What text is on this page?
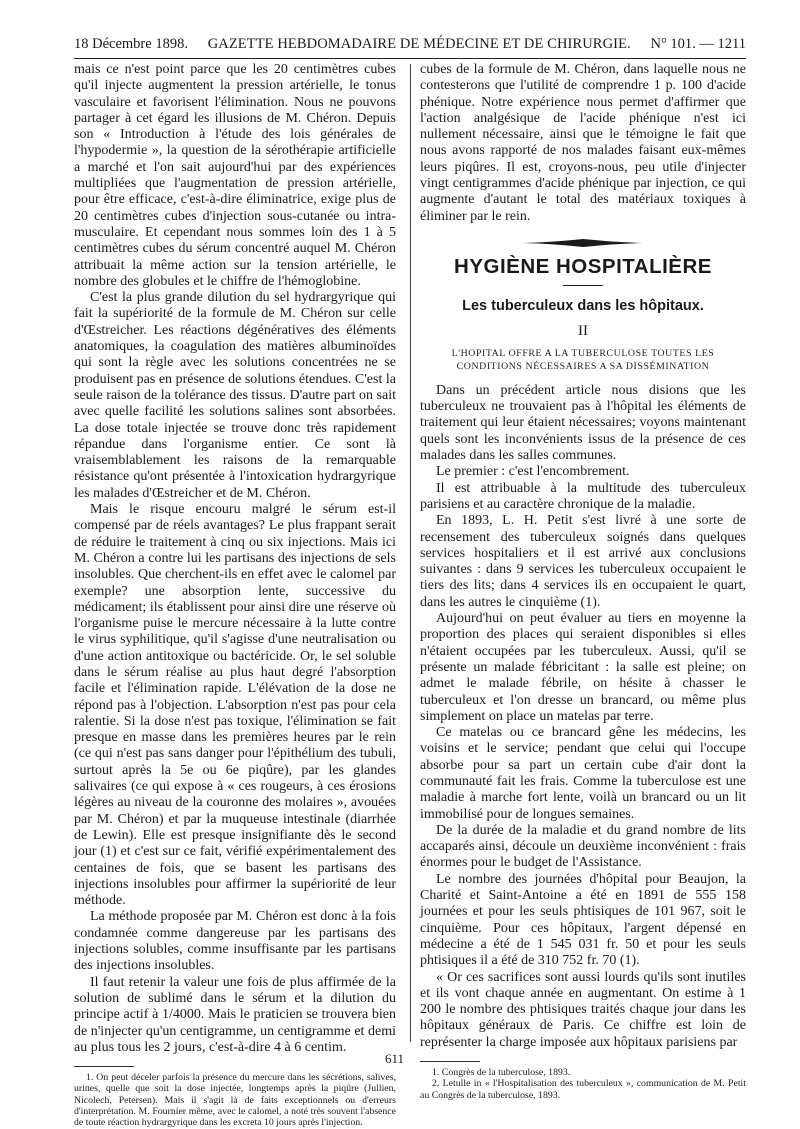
18 Décembre 1898. GAZETTE HEBDOMADAIRE DE MÉDECINE ET DE CHIRURGIE. N° 101. — 1211

mais ce n'est point parce que les 20 centimètres cubes qu'il injecte augmentent la pression artérielle, le tonus vasculaire et favorisent l'élimination. Nous ne pouvons partager à cet égard les illusions de M. Chéron. Depuis son « Introduction à l'étude des lois générales de l'hypodermie », la question de la sérothérapie artificielle a marché et l'on sait aujourd'hui par des expériences multipliées que l'augmentation de pression artérielle, pour être efficace, c'est-à-dire éliminatrice, exige plus de 20 centimètres cubes d'injection sous-cutanée ou intra-musculaire. Et cependant nous sommes loin des 1 à 5 centimètres cubes du sérum concentré auquel M. Chéron attribuait la même action sur la tension artérielle, le nombre des globules et le chiffre de l'hémoglobine.

C'est la plus grande dilution du sel hydrargyrique qui fait la supériorité de la formule de M. Chéron sur celle d'Œstreicher. Les réactions dégénératives des éléments anatomiques, la coagulation des matières albuminoïdes qui sont la règle avec les solutions concentrées ne se produisent pas en présence de solutions étendues. C'est la seule raison de la tolérance des tissus. D'autre part on sait avec quelle facilité les solutions salines sont absorbées. La dose totale injectée se trouve donc très rapidement répandue dans l'organisme entier. Ce sont là vraisemblablement les raisons de la remarquable résistance qu'ont présentée à l'intoxication hydrargyrique les malades d'Œstreicher et de M. Chéron.

Mais le risque encouru malgré le sérum est-il compensé par de réels avantages? Le plus frappant serait de réduire le traitement à cinq ou six injections. Mais ici M. Chéron a contre lui les partisans des injections de sels insolubles. Que cherchent-ils en effet avec le calomel par exemple? une absorption lente, successive du médicament; ils établissent pour ainsi dire une réserve où l'organisme puise le mercure nécessaire à la lutte contre le virus syphilitique, qu'il s'agisse d'une neutralisation ou d'une action antitoxique ou bactéricide. Or, le sel soluble dans le sérum réalise au plus haut degré l'absorption facile et l'élimination rapide. L'élévation de la dose ne répond pas à l'objection. L'absorption n'est pas pour cela ralentie. Si la dose n'est pas toxique, l'élimination se fait presque en masse dans les premières heures par le rein (ce qui n'est pas sans danger pour l'épithélium des tubuli, surtout après la 5e ou 6e piqûre), par les glandes salivaires (ce qui expose à « ces rougeurs, à ces érosions légères au niveau de la couronne des molaires », avouées par M. Chéron) et par la muqueuse intestinale (diarrhée de Lewin). Elle est presque insignifiante dès le second jour (1) et c'est sur ce fait, vérifié expérimentalement des centaines de fois, que se basent les partisans des injections insolubles pour affirmer la supériorité de leur méthode.

La méthode proposée par M. Chéron est donc à la fois condamnée comme dangereuse par les partisans des injections solubles, comme insuffisante par les partisans des injections insolubles.

Il faut retenir la valeur une fois de plus affirmée de la solution de sublimé dans le sérum et la dilution du principe actif à 1/4000. Mais le praticien se trouvera bien de n'injecter qu'un centigramme, un centigramme et demi au plus tous les 2 jours, c'est-à-dire 4 à 6 centim.

1. On peut déceler parfois la présence du mercure dans les sécrétions, salives, urines, quelle que soit la dose injectée, longtemps après la piqûre (Jullien, Nicolech, Petersen). Mais il s'agit là de faits exceptionnels ou d'erreurs d'interprétation. M. Fournier même, avec le calomel, a noté très souvent l'absence de toute réaction hydrargyrique dans les excreta 10 jours après l'injection.

cubes de la formule de M. Chéron, dans laquelle nous ne contesterons que l'utilité de comprendre 1 p. 100 d'acide phénique. Notre expérience nous permet d'affirmer que l'action analgésique de l'acide phénique n'est ici nullement nécessaire, ainsi que le témoigne le fait que nous avons rapporté de nos malades faisant eux-mêmes leurs piqûres. Il est, croyons-nous, peu utile d'injecter vingt centigrammes d'acide phénique par injection, ce qui augmente d'autant le total des matériaux toxiques à éliminer par le rein.

HYGIÈNE HOSPITALIÈRE
Les tuberculeux dans les hôpitaux.
II
L'HOPITAL OFFRE A LA TUBERCULOSE TOUTES LES CONDITIONS NÉCESSAIRES A SA DISSÉMINATION

Dans un précédent article nous disions que les tuberculeux ne trouvaient pas à l'hôpital les éléments de traitement qui leur étaient nécessaires; voyons maintenant quels sont les inconvénients issus de la présence de ces malades dans les salles communes.

Le premier : c'est l'encombrement.

Il est attribuable à la multitude des tuberculeux parisiens et au caractère chronique de la maladie.

En 1893, L. H. Petit s'est livré à une sorte de recensement des tuberculeux soignés dans quelques services hospitaliers et il est arrivé aux conclusions suivantes : dans 9 services les tuberculeux occupaient le tiers des lits; dans 4 services ils en occupaient le quart, dans les autres le cinquième (1).

Aujourd'hui on peut évaluer au tiers en moyenne la proportion des places qui seraient disponibles si elles n'étaient occupées par les tuberculeux. Aussi, qu'il se présente un malade fébricitant : la salle est pleine; on admet le malade fébrile, on hésite à chasser le tuberculeux et l'on dresse un brancard, ou même plus simplement on place un matelas par terre.

Ce matelas ou ce brancard gêne les médecins, les voisins et le service; pendant que celui qui l'occupe absorbe pour sa part un certain cube d'air dont la communauté fait les frais. Comme la tuberculose est une maladie à marche fort lente, voilà un brancard ou un lit immobilisé pour de longues semaines.

De la durée de la maladie et du grand nombre de lits accaparés ainsi, découle un deuxième inconvénient : frais énormes pour le budget de l'Assistance.

Le nombre des journées d'hôpital pour Beaujon, la Charité et Saint-Antoine a été en 1891 de 555 158 journées et pour les seuls phtisiques de 101 967, soit le cinquième. Pour ces hôpitaux, l'argent dépensé en médecine a été de 1 545 031 fr. 50 et pour les seuls phtisiques il a été de 310 752 fr. 70 (1).

« Or ces sacrifices sont aussi lourds qu'ils sont inutiles et ils vont chaque année en augmentant. On estime à 1 200 le nombre des phtisiques traités chaque jour dans les hôpitaux généraux de Paris. Ce chiffre est loin de représenter la charge imposée aux hôpitaux parisiens par

1. Congrès de la tuberculose, 1893.

2. Letulle in « l'Hospitalisation des tuberculeux », communication de M. Petit au Congrès de la tuberculose, 1893.

611
